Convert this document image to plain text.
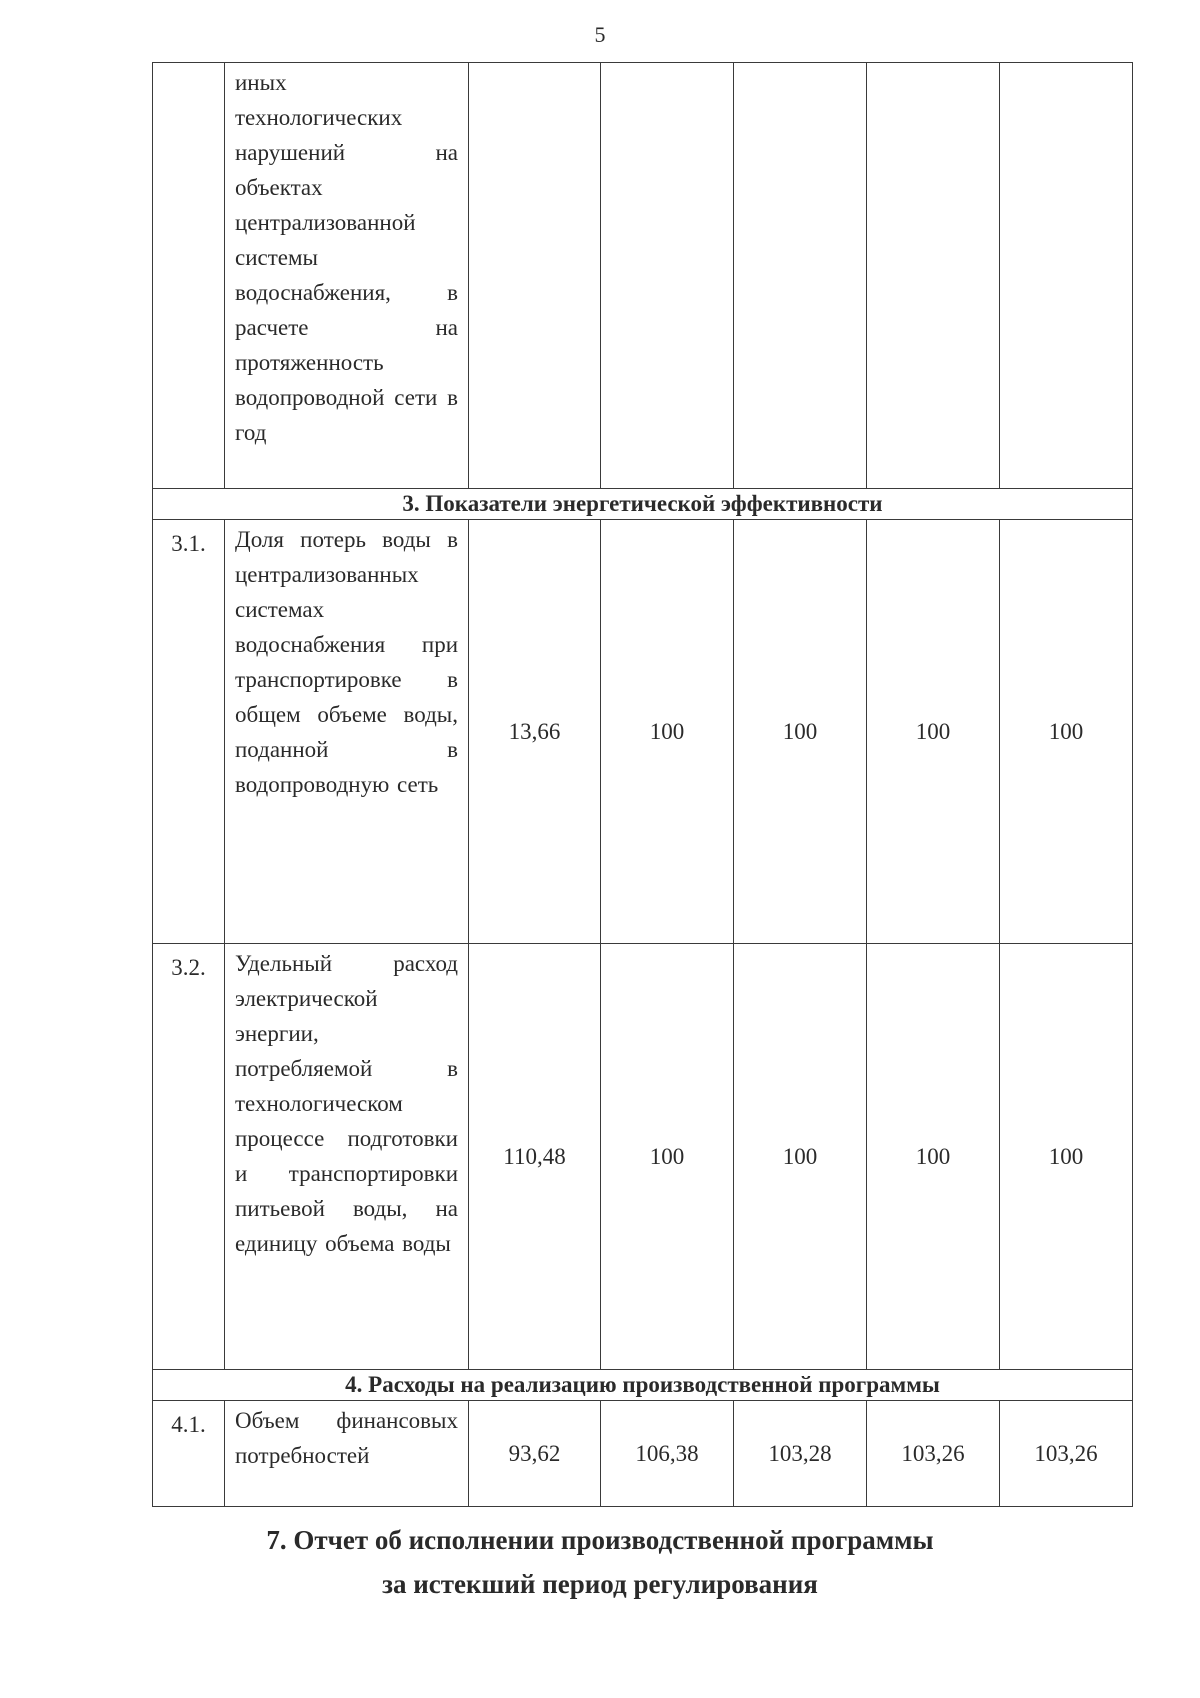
5
	иных технологических нарушений на объектах централизованной системы водоснабжения, в расчете на протяженность водопроводной сети в год					
3. Показатели энергетической эффективности						
3.1.	Доля потерь воды в централизованных системах водоснабжения при транспортировке в общем объеме воды, поданной в водопроводную сеть	13,66	100	100	100	100
3.2.	Удельный расход электрической энергии, потребляемой в технологическом процессе подготовки и транспортировки питьевой воды, на единицу объема воды	110,48	100	100	100	100
4. Расходы на реализацию производственной программы						
4.1.	Объем финансовых потребностей	93,62	106,38	103,28	103,26	103,26
7. Отчет об исполнении производственной программы
за истекший период регулирования
